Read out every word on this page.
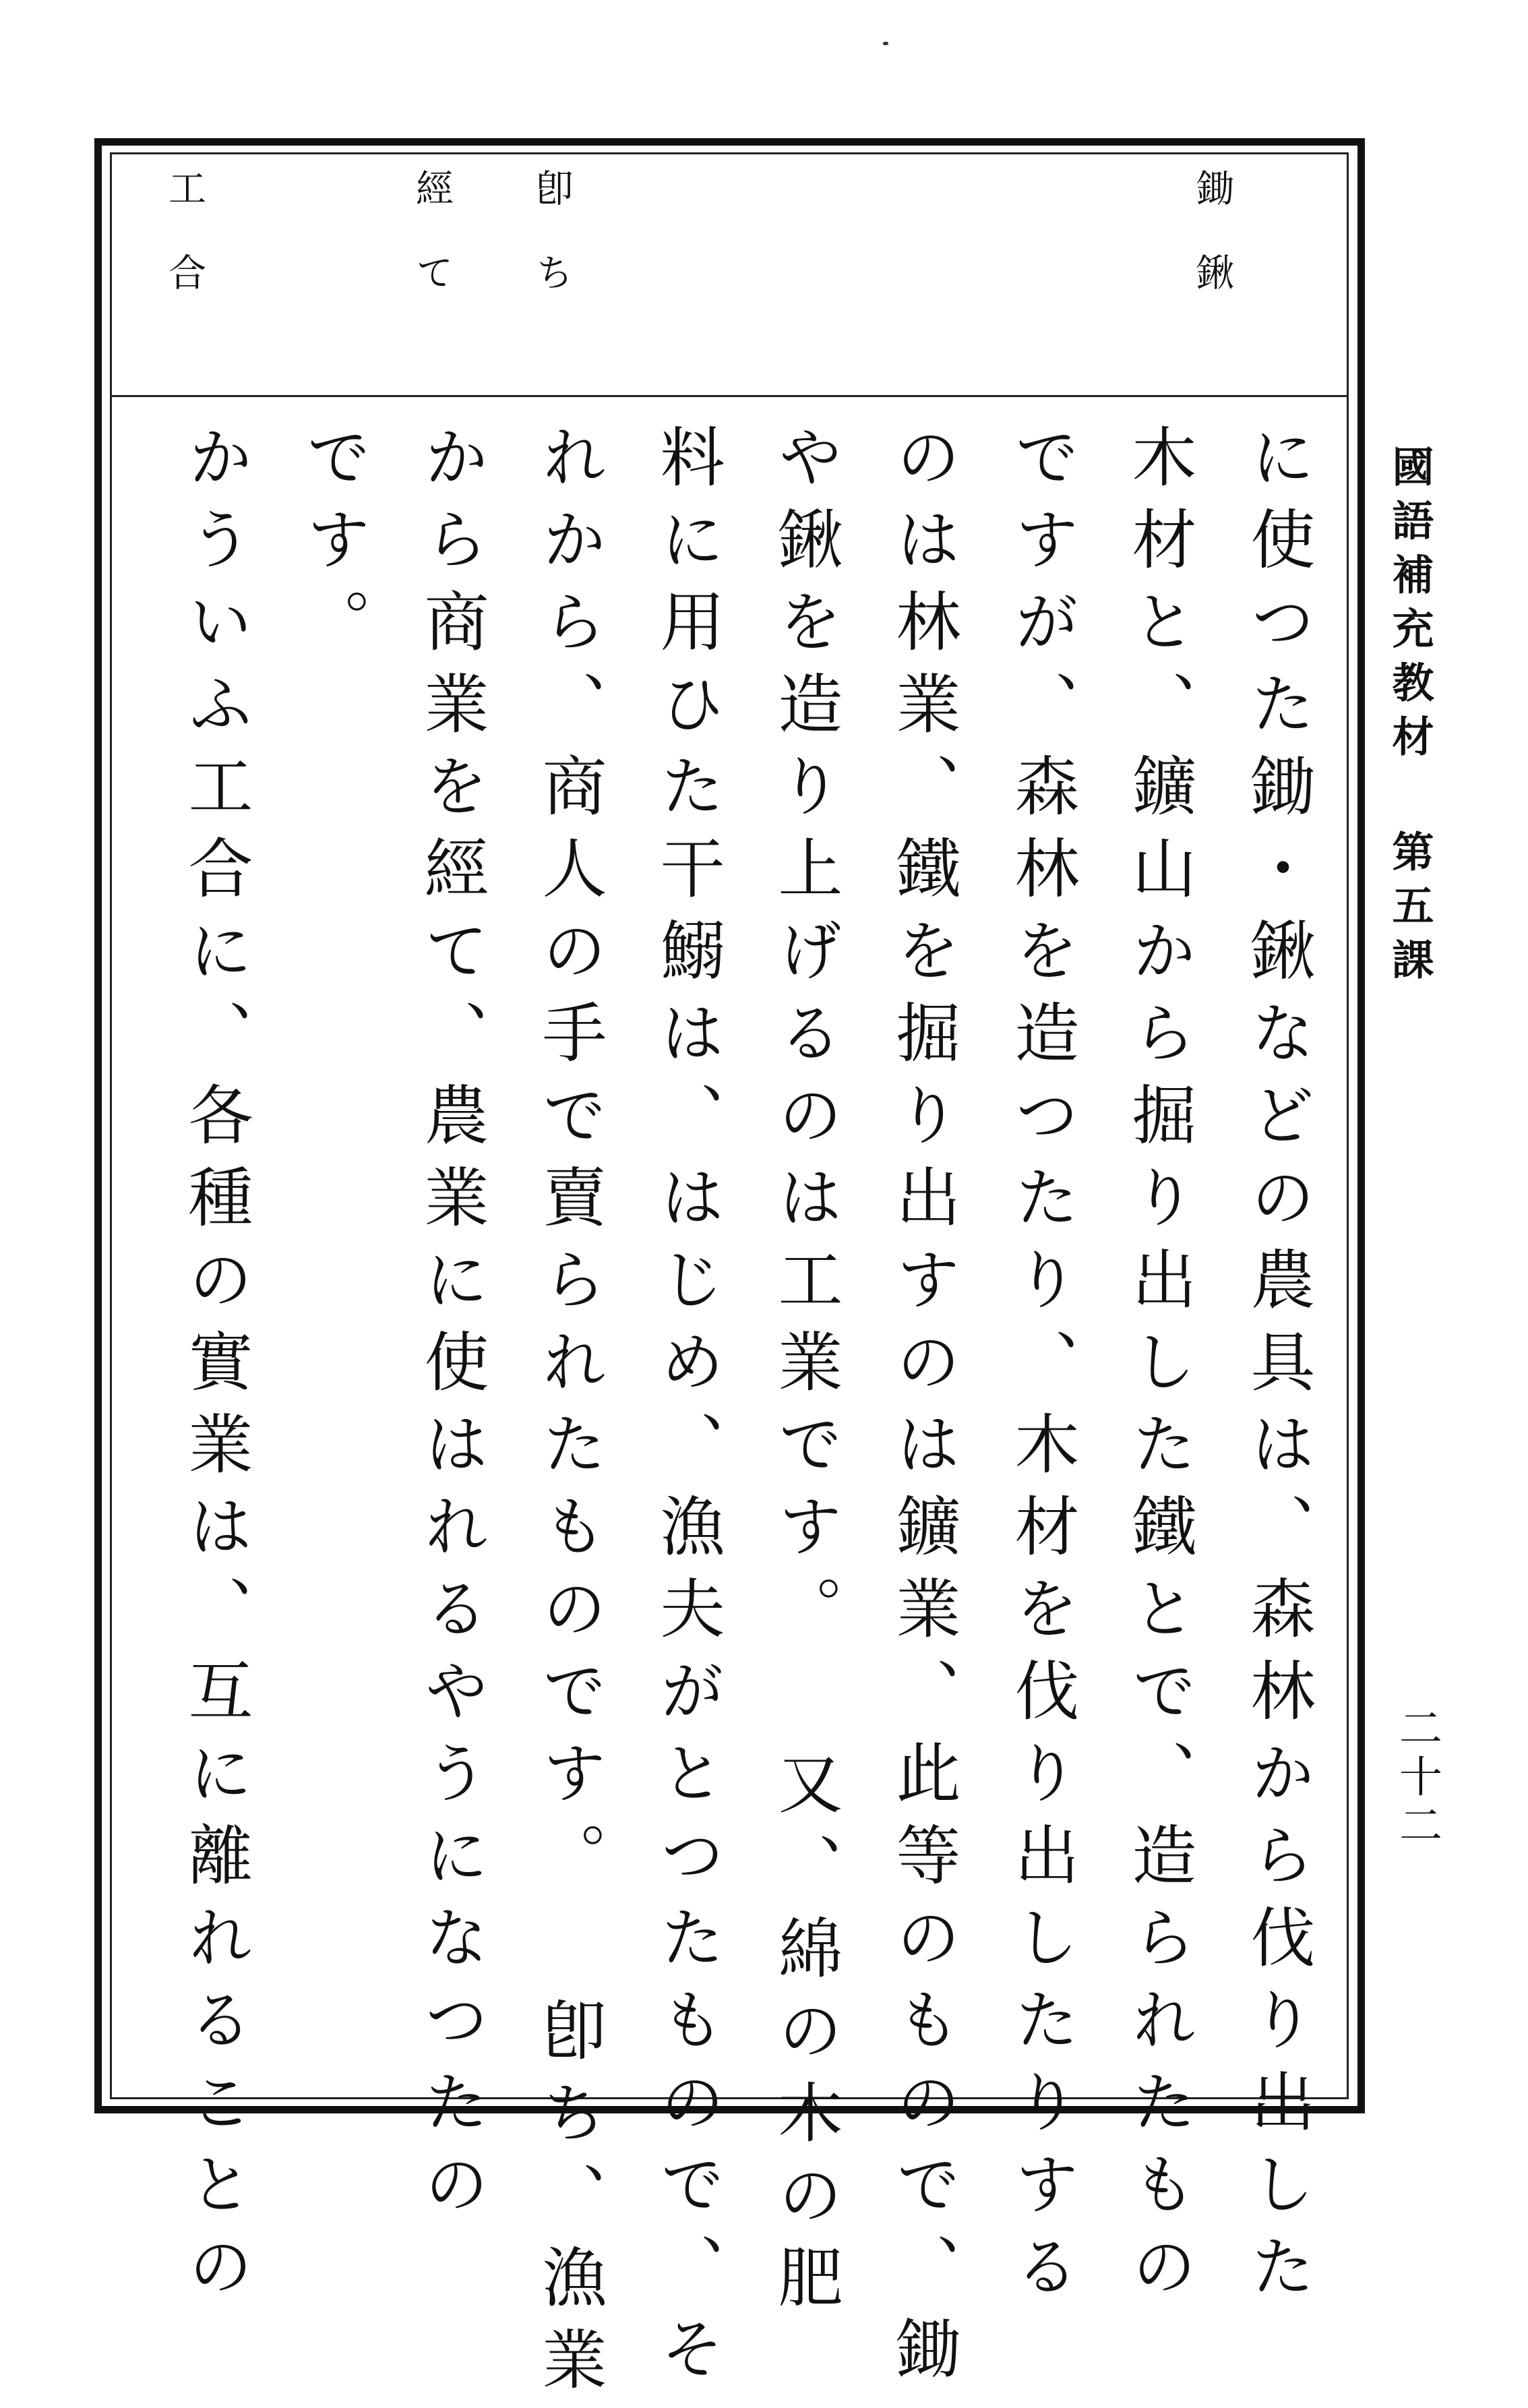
鋤 鍬
卽 ち
經 て
工 合
に使つた鋤・鍬などの農具は、森林から伐り出した
木材と、鑛山から掘り出した鐵とで、造られたもの
ですが、森林を造つたり、木材を伐り出したりする
のは林業、鐵を掘り出すのは鑛業、此等のもので、鋤
や鍬を造り上げるのは工業です。 又、綿の木の肥
料に用ひた干鰯は、はじめ、漁夫がとつたもので、そ
れから、商人の手で賣られたものです。 卽ち、漁業
から商業を經て、農業に使はれるやうになつたの
です。
かういふ工合に、各種の實業は、互に離れることの	國語補充教材 第五課
二十二
